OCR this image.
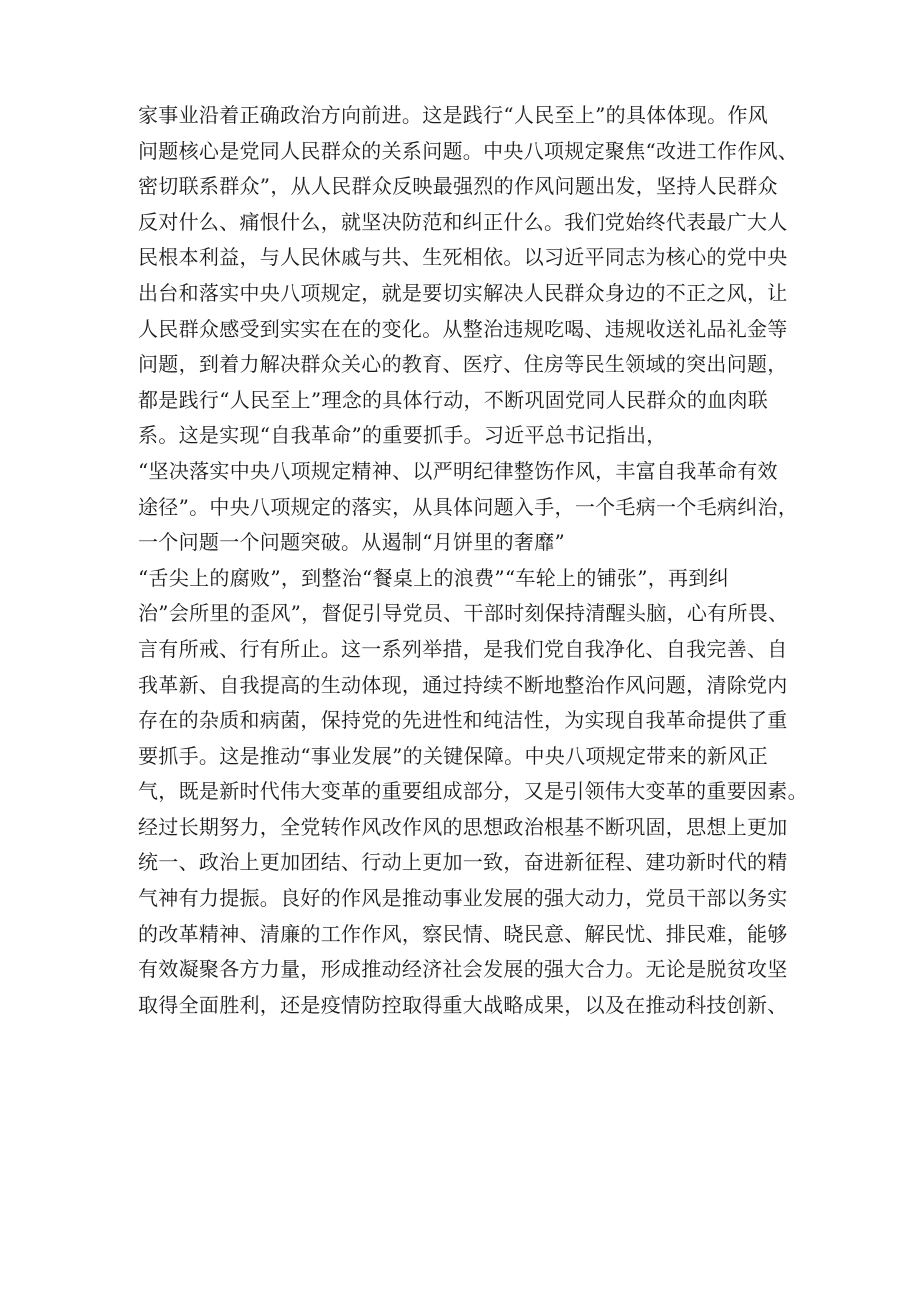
家事业沿着正确政治方向前进。这是践行“人民至上”的具体体现。作风
问题核心是党同人民群众的关系问题。中央八项规定聚焦“改进工作作风、
密切联系群众”，从人民群众反映最强烈的作风问题出发，坚持人民群众
反对什么、痛恨什么，就坚决防范和纠正什么。我们党始终代表最广大人
民根本利益，与人民休戚与共、生死相依。以习近平同志为核心的党中央
出台和落实中央八项规定，就是要切实解决人民群众身边的不正之风，让
人民群众感受到实实在在的变化。从整治违规吃喝、违规收送礼品礼金等
问题，到着力解决群众关心的教育、医疗、住房等民生领域的突出问题，
都是践行“人民至上”理念的具体行动，不断巩固党同人民群众的血肉联
系。这是实现“自我革命”的重要抓手。习近平总书记指出，
“坚决落实中央八项规定精神、以严明纪律整饬作风，丰富自我革命有效
途径”。中央八项规定的落实，从具体问题入手，一个毛病一个毛病纠治，
一个问题一个问题突破。从遏制“月饼里的奢靡”
“舌尖上的腐败”，到整治“餐桌上的浪费”“车轮上的铺张”，再到纠
治”会所里的歪风”，督促引导党员、干部时刻保持清醒头脑，心有所畏、
言有所戒、行有所止。这一系列举措，是我们党自我净化、自我完善、自
我革新、自我提高的生动体现，通过持续不断地整治作风问题，清除党内
存在的杂质和病菌，保持党的先进性和纯洁性，为实现自我革命提供了重
要抓手。这是推动“事业发展”的关键保障。中央八项规定带来的新风正
气，既是新时代伟大变革的重要组成部分，又是引领伟大变革的重要因素。
经过长期努力，全党转作风改作风的思想政治根基不断巩固，思想上更加
统一、政治上更加团结、行动上更加一致，奋进新征程、建功新时代的精
气神有力提振。良好的作风是推动事业发展的强大动力，党员干部以务实
的改革精神、清廉的工作作风，察民情、晓民意、解民忧、排民难，能够
有效凝聚各方力量，形成推动经济社会发展的强大合力。无论是脱贫攻坚
取得全面胜利，还是疫情防控取得重大战略成果，以及在推动科技创新、
